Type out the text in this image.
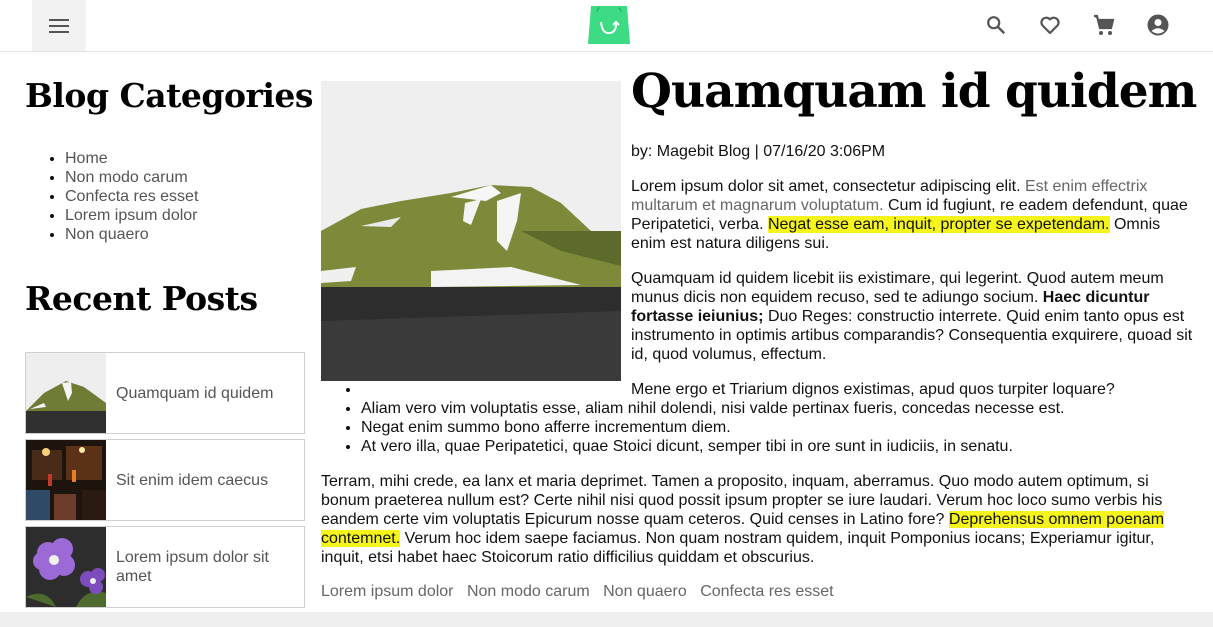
Blog Categories
• Home
• Non modo carum
• Confecta res esset
• Lorem ipsum dolor
• Non quaero
Recent Posts
Quamquam id quidem
Sit enim idem caecus
Lorem ipsum dolor sit amet
Quamquam id quidem
by: Magebit Blog | 07/16/20 3:06PM

Lorem ipsum dolor sit amet, consectetur adipiscing elit. Est enim effectrix multarum et magnarum voluptatum. Cum id fugiunt, re eadem defendunt, quae Peripatetici, verba. Negat esse eam, inquit, propter se expetendam. Omnis enim est natura diligens sui.

Quamquam id quidem licebit iis existimare, qui legerint. Quod autem meum munus dicis non equidem recuso, sed te adiungo socium. Haec dicuntur fortasse ieiunius; Duo Reges: constructio interrete. Quid enim tanto opus est instrumento in optimis artibus comparandis? Consequentia exquirere, quoad sit id, quod volumus, effectum.

• Mene ergo et Triarium dignos existimas, apud quos turpiter loquare?
• Aliam vero vim voluptatis esse, aliam nihil dolendi, nisi valde pertinax fueris, concedas necesse est.
• Negat enim summo bono afferre incrementum diem.
• At vero illa, quae Peripatetici, quae Stoici dicunt, semper tibi in ore sunt in iudiciis, in senatu.

Terram, mihi crede, ea lanx et maria deprimet. Tamen a proposito, inquam, aberramus. Quo modo autem optimum, si bonum praeterea nullum est? Certe nihil nisi quod possit ipsum propter se iure laudari. Verum hoc loco sumo verbis his eandem certe vim voluptatis Epicurum nosse quam ceteros. Quid censes in Latino fore? Deprehensus omnem poenam contemnet. Verum hoc idem saepe faciamus. Non quam nostram quidem, inquit Pomponius iocans; Experiamur igitur, inquit, etsi habet haec Stoicorum ratio difficilius quiddam et obscurius.

Lorem ipsum dolor Non modo carum Non quaero Confecta res esset
